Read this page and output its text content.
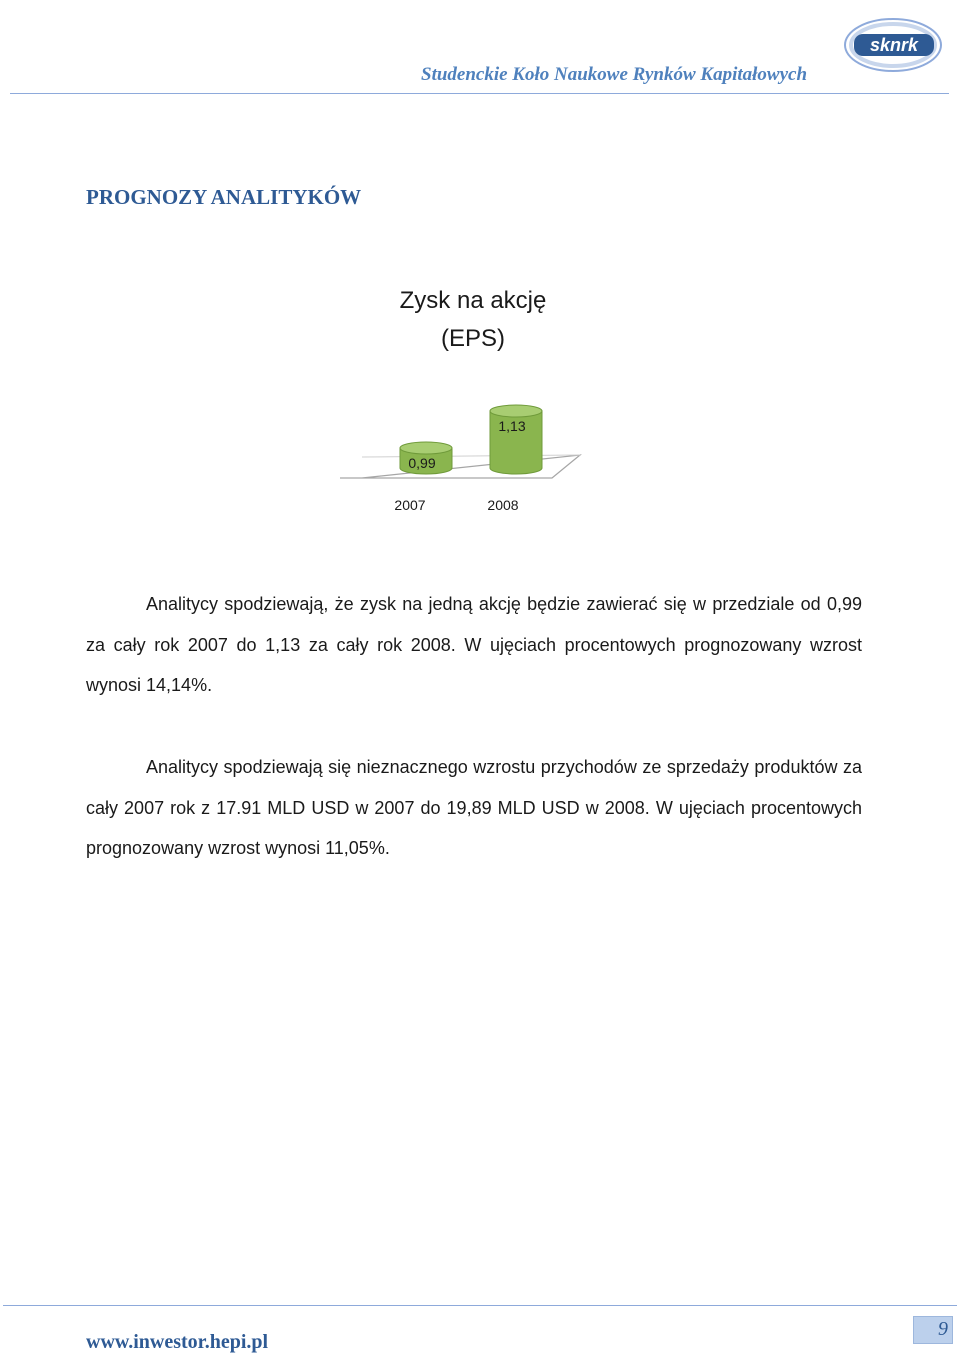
Studenckie Koło Naukowe Rynków Kapitałowych
sknrk
PROGNOZY ANALITYKÓW
Zysk na akcję
(EPS)
0,99
2007
1,13
2008
Analitycy spodziewają, że zysk na jedną akcję będzie zawierać się w przedziale od 0,99 za cały rok 2007 do 1,13 za cały rok 2008. W ujęciach procentowych prognozowany wzrost wynosi 14,14%.
Analitycy spodziewają się nieznacznego wzrostu przychodów ze sprzedaży produktów za cały 2007 rok z 17.91 MLD USD w 2007 do 19,89 MLD USD w 2008. W ujęciach procentowych prognozowany wzrost wynosi 11,05%.
www.inwestor.hepi.pl
9
